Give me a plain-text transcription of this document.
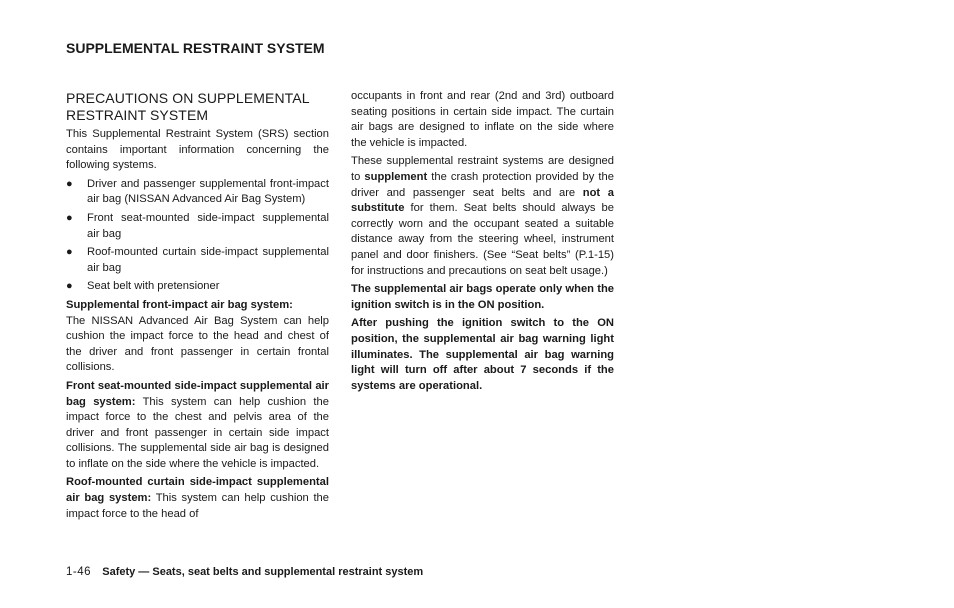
SUPPLEMENTAL RESTRAINT SYSTEM
PRECAUTIONS ON SUPPLEMENTAL RESTRAINT SYSTEM

This Supplemental Restraint System (SRS) section contains important information concerning the following systems.

● Driver and passenger supplemental front-impact air bag (NISSAN Advanced Air Bag System)
● Front seat-mounted side-impact supplemental air bag
● Roof-mounted curtain side-impact supplemental air bag
● Seat belt with pretensioner

Supplemental front-impact air bag system:
The NISSAN Advanced Air Bag System can help cushion the impact force to the head and chest of the driver and front passenger in certain frontal collisions.

Front seat-mounted side-impact supplemental air bag system: This system can help cushion the impact force to the chest and pelvis area of the driver and front passenger in certain side impact collisions. The supplemental side air bag is designed to inflate on the side where the vehicle is impacted.

Roof-mounted curtain side-impact supplemental air bag system: This system can help cushion the impact force to the head of

occupants in front and rear (2nd and 3rd) outboard seating positions in certain side impact. The curtain air bags are designed to inflate on the side where the vehicle is impacted.

These supplemental restraint systems are designed to supplement the crash protection provided by the driver and passenger seat belts and are not a substitute for them. Seat belts should always be correctly worn and the occupant seated a suitable distance away from the steering wheel, instrument panel and door finishers. (See “Seat belts” (P.1-15) for instructions and precautions on seat belt usage.)

The supplemental air bags operate only when the ignition switch is in the ON position.

After pushing the ignition switch to the ON position, the supplemental air bag warning light illuminates. The supplemental air bag warning light will turn off after about 7 seconds if the systems are operational.

1-46 Safety — Seats, seat belts and supplemental restraint system
